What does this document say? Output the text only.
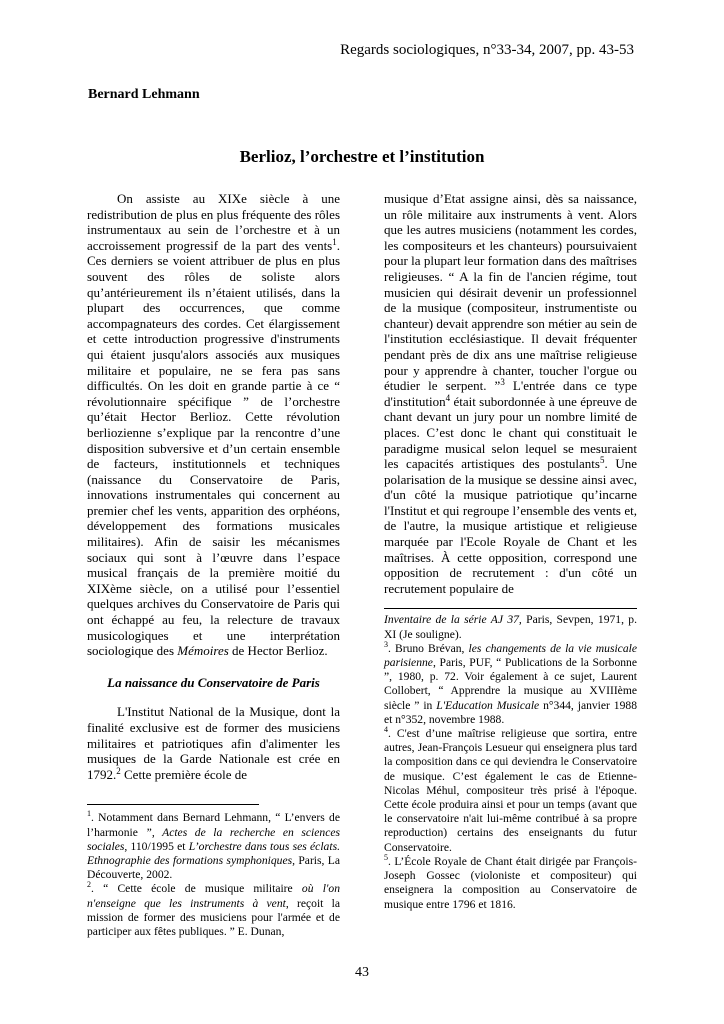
Regards sociologiques, n°33-34, 2007, pp. 43-53
Bernard Lehmann
Berlioz, l’orchestre et l’institution

On assiste au XIXe siècle à une redistribution de plus en plus fréquente des rôles instrumentaux au sein de l’orchestre et à un accroissement progressif de la part des vents$^1$. Ces derniers se voient attribuer de plus en plus souvent des rôles de soliste alors qu’antérieurement ils n’étaient utilisés, dans la plupart des occurrences, que comme accompagnateurs des cordes. Cet élargissement et cette introduction progressive d'instruments qui étaient jusqu'alors associés aux musiques militaire et populaire, ne se fera pas sans difficultés. On les doit en grande partie à ce “ révolutionnaire spécifique ” de l’orchestre qu’était Hector Berlioz. Cette révolution berliozienne s’explique par la rencontre d’une disposition subversive et d’un certain ensemble de facteurs, institutionnels et techniques (naissance du Conservatoire de Paris, innovations instrumentales qui concernent au premier chef les vents, apparition des orphéons, développement des formations musicales militaires). Afin de saisir les mécanismes sociaux qui sont à l’œuvre dans l’espace musical français de la première moitié du XIXème siècle, on a utilisé pour l’essentiel quelques archives du Conservatoire de Paris qui ont échappé au feu, la relecture de travaux musicologiques et une interprétation sociologique des Mémoires de Hector Berlioz.

La naissance du Conservatoire de Paris

L'Institut National de la Musique, dont la finalité exclusive est de former des musiciens militaires et patriotiques afin d'alimenter les musiques de la Garde Nationale est crée en 1792.$^2$ Cette première école de

$^1$. Notamment dans Bernard Lehmann, “ L’envers de l’harmonie ”, Actes de la recherche en sciences sociales, 110/1995 et L’orchestre dans tous ses éclats. Ethnographie des formations symphoniques, Paris, La Découverte, 2002.

$^2$. “ Cette école de musique militaire où l'on n'enseigne que les instruments à vent, reçoit la mission de former des musiciens pour l'armée et de participer aux fêtes publiques. ” E. Dunan,

musique d’Etat assigne ainsi, dès sa naissance, un rôle militaire aux instruments à vent. Alors que les autres musiciens (notamment les cordes, les compositeurs et les chanteurs) poursuivaient pour la plupart leur formation dans des maîtrises religieuses. “ A la fin de l'ancien régime, tout musicien qui désirait devenir un professionnel de la musique (compositeur, instrumentiste ou chanteur) devait apprendre son métier au sein de l'institution ecclésiastique. Il devait fréquenter pendant près de dix ans une maîtrise religieuse pour y apprendre à chanter, toucher l'orgue ou étudier le serpent. ”$^3$ L'entrée dans ce type d'institution$^4$ était subordonnée à une épreuve de chant devant un jury pour un nombre limité de places. C’est donc le chant qui constituait le paradigme musical selon lequel se mesuraient les capacités artistiques des postulants$^5$. Une polarisation de la musique se dessine ainsi avec, d'un côté la musique patriotique qu’incarne l'Institut et qui regroupe l’ensemble des vents et, de l'autre, la musique artistique et religieuse marquée par l'Ecole Royale de Chant et les maîtrises. À cette opposition, correspond une opposition de recrutement : d'un côté un recrutement populaire de

Inventaire de la série AJ 37, Paris, Sevpen, 1971, p. XI (Je souligne).

$^3$. Bruno Brévan, les changements de la vie musicale parisienne, Paris, PUF, “ Publications de la Sorbonne ”, 1980, p. 72. Voir également à ce sujet, Laurent Collobert, “ Apprendre la musique au XVIIIème siècle ” in L'Education Musicale n°344, janvier 1988 et n°352, novembre 1988.

$^4$. C'est d’une maîtrise religieuse que sortira, entre autres, Jean-François Lesueur qui enseignera plus tard la composition dans ce qui deviendra le Conservatoire de musique. C’est également le cas de Etienne-Nicolas Méhul, compositeur très prisé à l'époque. Cette école produira ainsi et pour un temps (avant que le conservatoire n'ait lui-même contribué à sa propre reproduction) certains des enseignants du futur Conservatoire.

$^5$. L’École Royale de Chant était dirigée par François-Joseph Gossec (violoniste et compositeur) qui enseignera la composition au Conservatoire de musique entre 1796 et 1816.

43
